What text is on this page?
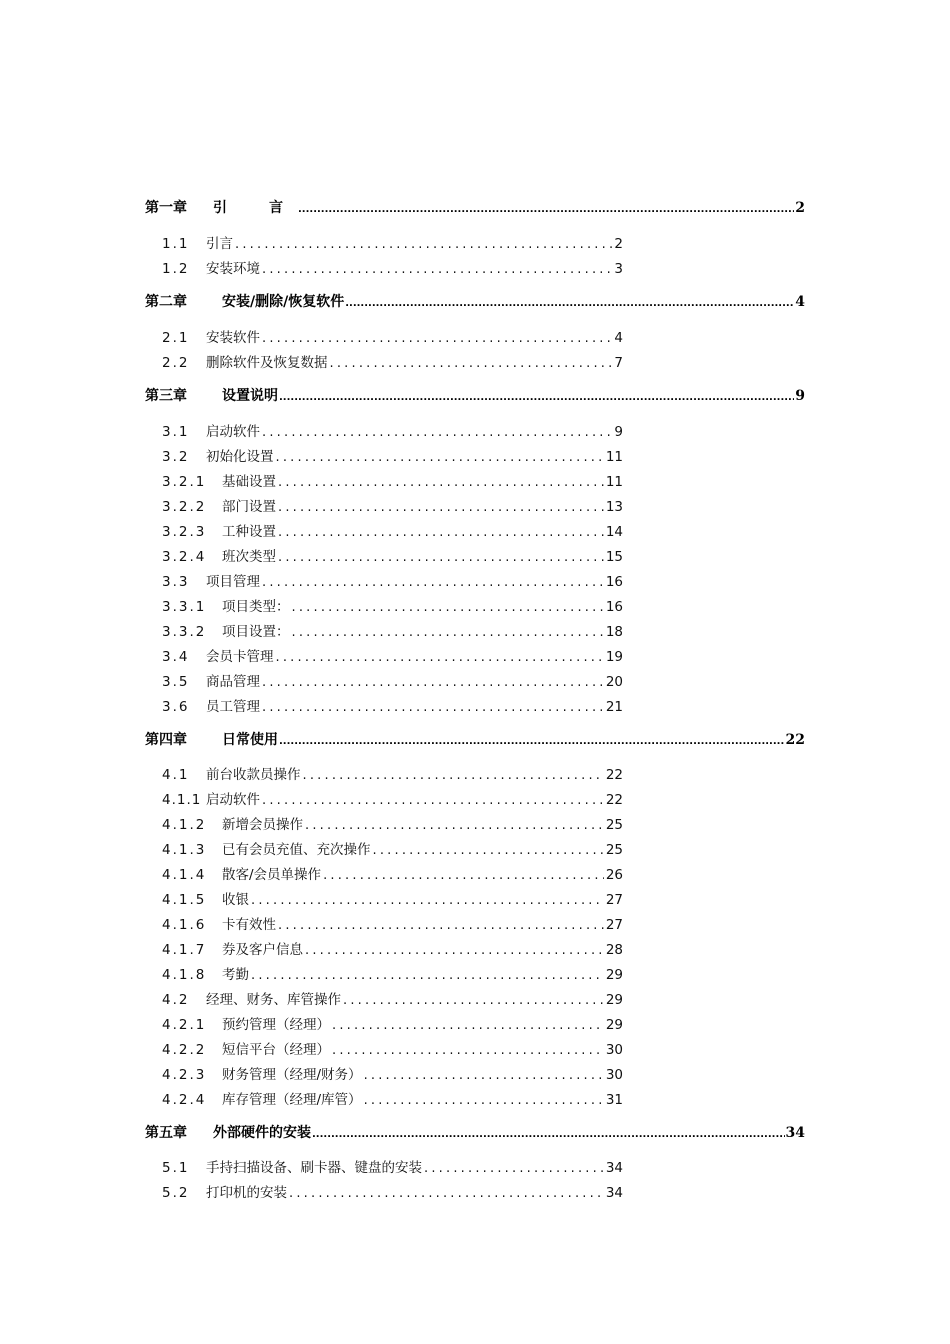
第一章	引　言 .....	2
1.1	引言 .....	2
1.2	安装环境 .....	3
第二章	安装/删除/恢复软件 .....	4
2.1	安装软件 .....	4
2.2	删除软件及恢复数据 .....	7
第三章	设置说明 .....	9
3.1	启动软件 .....	9
3.2	初始化设置 .....	11
3.2.1	基础设置 .....	11
3.2.2	部门设置 .....	13
3.2.3	工种设置 .....	14
3.2.4	班次类型 .....	15
3.3	项目管理 .....	16
3.3.1	项目类型： .....	16
3.3.2	项目设置： .....	18
3.4	会员卡管理 .....	19
3.5	商品管理 .....	20
3.6	员工管理 .....	21
第四章	日常使用 .....	22
4.1	前台收款员操作 .....	22
4.1.1 启动软件 .....	22
4.1.2	新增会员操作 .....	25
4.1.3	已有会员充值、充次操作 .....	25
4.1.4	散客/会员单操作 .....	26
4.1.5	收银 .....	27
4.1.6	卡有效性 .....	27
4.1.7	券及客户信息 .....	28
4.1.8	考勤 .....	29
4.2	经理、财务、库管操作 .....	29
4.2.1	预约管理（经理） .....	29
4.2.2	短信平台（经理） .....	30
4.2.3	财务管理（经理/财务） .....	30
4.2.4	库存管理（经理/库管） .....	31
第五章	外部硬件的安装 .....	34
5.1	手持扫描设备、刷卡器、键盘的安装 .....	34
5.2	打印机的安装 .....	34
